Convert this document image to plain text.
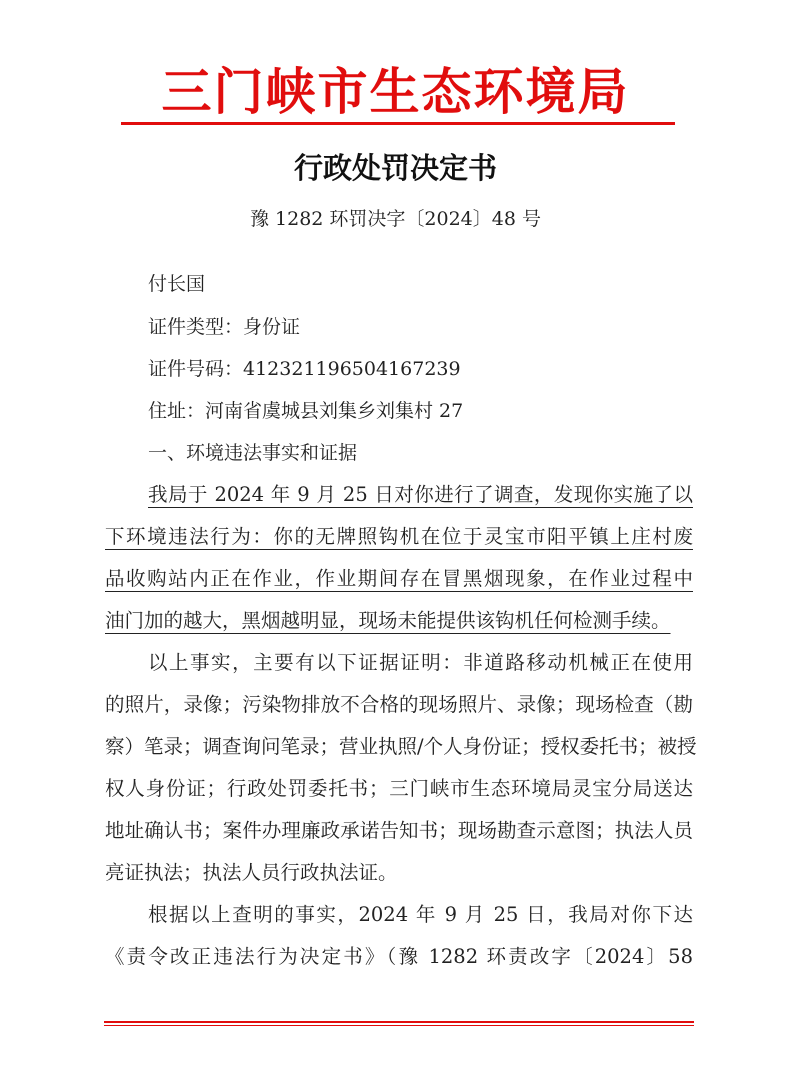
三门峡市生态环境局
行政处罚决定书
豫 1282 环罚决字〔2024〕48 号
付长国
证件类型：身份证
证件号码：412321196504167239
住址：河南省虞城县刘集乡刘集村 27
一、环境违法事实和证据
我局于 2024 年 9 月 25 日对你进行了调查，发现你实施了以
下环境违法行为：你的无牌照钩机在位于灵宝市阳平镇上庄村废
品收购站内正在作业，作业期间存在冒黑烟现象，在作业过程中
油门加的越大，黑烟越明显，现场未能提供该钩机任何检测手续。
以上事实，主要有以下证据证明：非道路移动机械正在使用
的照片，录像；污染物排放不合格的现场照片、录像；现场检查（勘
察）笔录；调查询问笔录；营业执照/个人身份证；授权委托书；被授
权人身份证；行政处罚委托书；三门峡市生态环境局灵宝分局送达
地址确认书；案件办理廉政承诺告知书；现场勘查示意图；执法人员
亮证执法；执法人员行政执法证。
根据以上查明的事实，2024 年 9 月 25 日，我局对你下达
《责令改正违法行为决定书》（豫 1282 环责改字〔2024〕58
